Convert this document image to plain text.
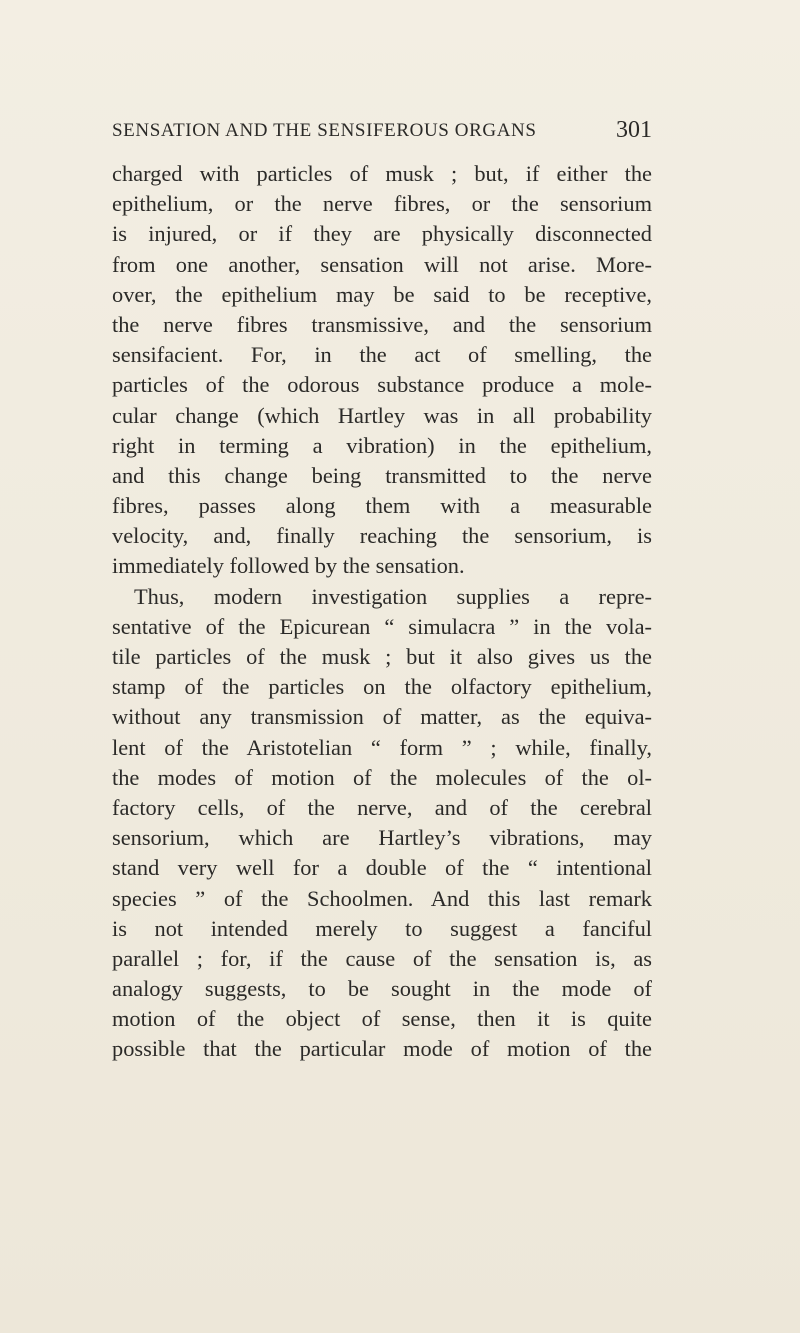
SENSATION AND THE SENSIFEROUS ORGANS	301
charged with particles of musk ; but, if either the
epithelium, or the nerve fibres, or the sensorium
is injured, or if they are physically disconnected
from one another, sensation will not arise. More-
over, the epithelium may be said to be receptive,
the nerve fibres transmissive, and the sensorium
sensifacient. For, in the act of smelling, the
particles of the odorous substance produce a mole-
cular change (which Hartley was in all probability
right in terming a vibration) in the epithelium,
and this change being transmitted to the nerve
fibres, passes along them with a measurable
velocity, and, finally reaching the sensorium, is
immediately followed by the sensation.
Thus, modern investigation supplies a repre-
sentative of the Epicurean “ simulacra ” in the vola-
tile particles of the musk ; but it also gives us the
stamp of the particles on the olfactory epithelium,
without any transmission of matter, as the equiva-
lent of the Aristotelian “ form ” ; while, finally,
the modes of motion of the molecules of the ol-
factory cells, of the nerve, and of the cerebral
sensorium, which are Hartley’s vibrations, may
stand very well for a double of the “ intentional
species ” of the Schoolmen. And this last remark
is not intended merely to suggest a fanciful
parallel ; for, if the cause of the sensation is, as
analogy suggests, to be sought in the mode of
motion of the object of sense, then it is quite
possible that the particular mode of motion of the
